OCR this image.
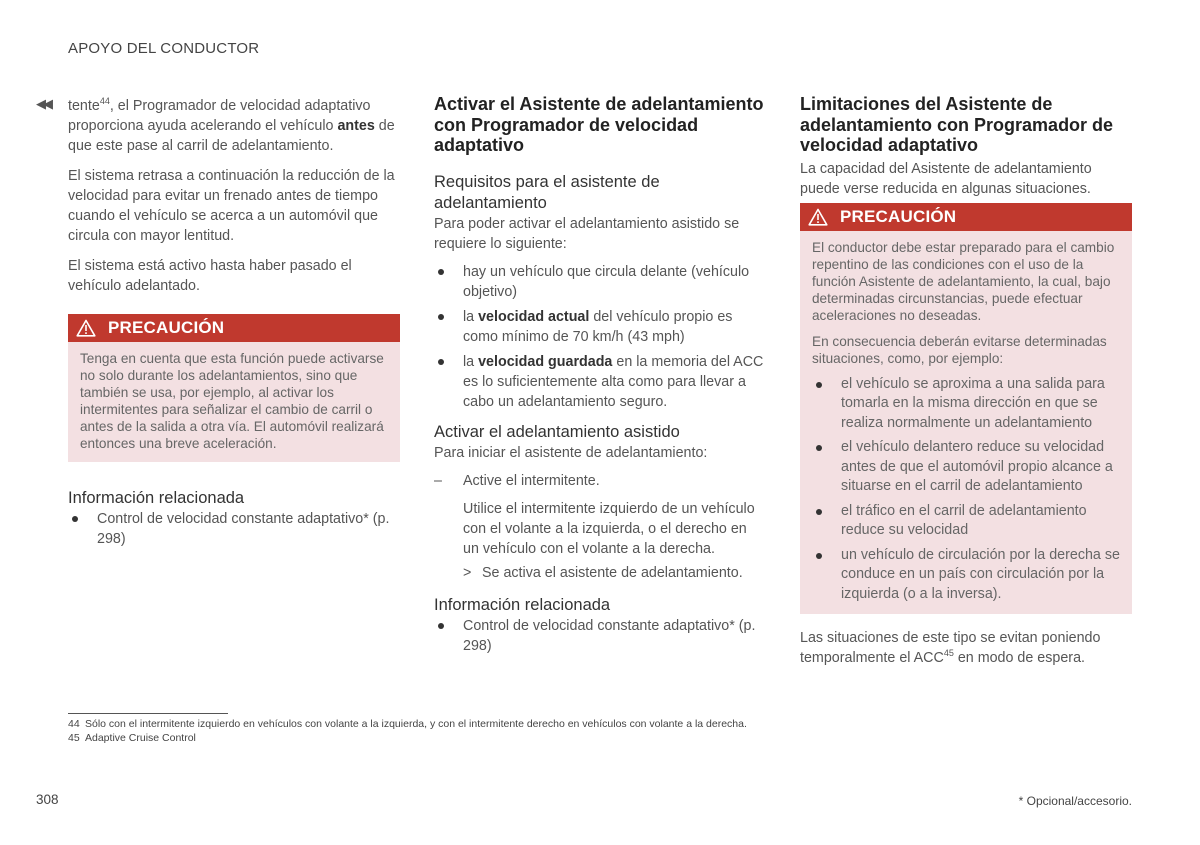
APOYO DEL CONDUCTOR
◀◀ tente$^{44}$, el Programador de velocidad adaptativo proporciona ayuda acelerando el vehículo antes de que este pase al carril de adelantamiento.

El sistema retrasa a continuación la reducción de la velocidad para evitar un frenado antes de tiempo cuando el vehículo se acerca a un automóvil que circula con mayor lentitud.

El sistema está activo hasta haber pasado el vehículo adelantado.

PRECAUCIÓN

Tenga en cuenta que esta función puede activarse no solo durante los adelantamientos, sino que también se usa, por ejemplo, al activar los intermitentes para señalizar el cambio de carril o antes de la salida a otra vía. El automóvil realizará entonces una breve aceleración.

Información relacionada
Control de velocidad constante adaptativo* (p. 298)
Activar el Asistente de adelantamiento con Programador de velocidad adaptativo
Requisitos para el asistente de adelantamiento

Para poder activar el adelantamiento asistido se requiere lo siguiente:

hay un vehículo que circula delante (vehículo objetivo)
la velocidad actual del vehículo propio es como mínimo de 70 km/h (43 mph)
la velocidad guardada en la memoria del ACC es lo suficientemente alta como para llevar a cabo un adelantamiento seguro.
Activar el adelantamiento asistido

Para iniciar el asistente de adelantamiento:

– Active el intermitente.

Utilice el intermitente izquierdo de un vehículo con el volante a la izquierda, o el derecho en un vehículo con el volante a la derecha.

> Se activa el asistente de adelantamiento.
Información relacionada
Control de velocidad constante adaptativo* (p. 298)
Limitaciones del Asistente de adelantamiento con Programador de velocidad adaptativo

La capacidad del Asistente de adelantamiento puede verse reducida en algunas situaciones.

PRECAUCIÓN

El conductor debe estar preparado para el cambio repentino de las condiciones con el uso de la función Asistente de adelantamiento, la cual, bajo determinadas circunstancias, puede efectuar aceleraciones no deseadas.

En consecuencia deberán evitarse determinadas situaciones, como, por ejemplo:

el vehículo se aproxima a una salida para tomarla en la misma dirección en que se realiza normalmente un adelantamiento
el vehículo delantero reduce su velocidad antes de que el automóvil propio alcance a situarse en el carril de adelantamiento
el tráfico en el carril de adelantamiento reduce su velocidad
un vehículo de circulación por la derecha se conduce en un país con circulación por la izquierda (o a la inversa).

Las situaciones de este tipo se evitan poniendo temporalmente el ACC$^{45}$ en modo de espera.

44 Sólo con el intermitente izquierdo en vehículos con volante a la izquierda, y con el intermitente derecho en vehículos con volante a la derecha.
45 Adaptive Cruise Control
308	* Opcional/accesorio.
